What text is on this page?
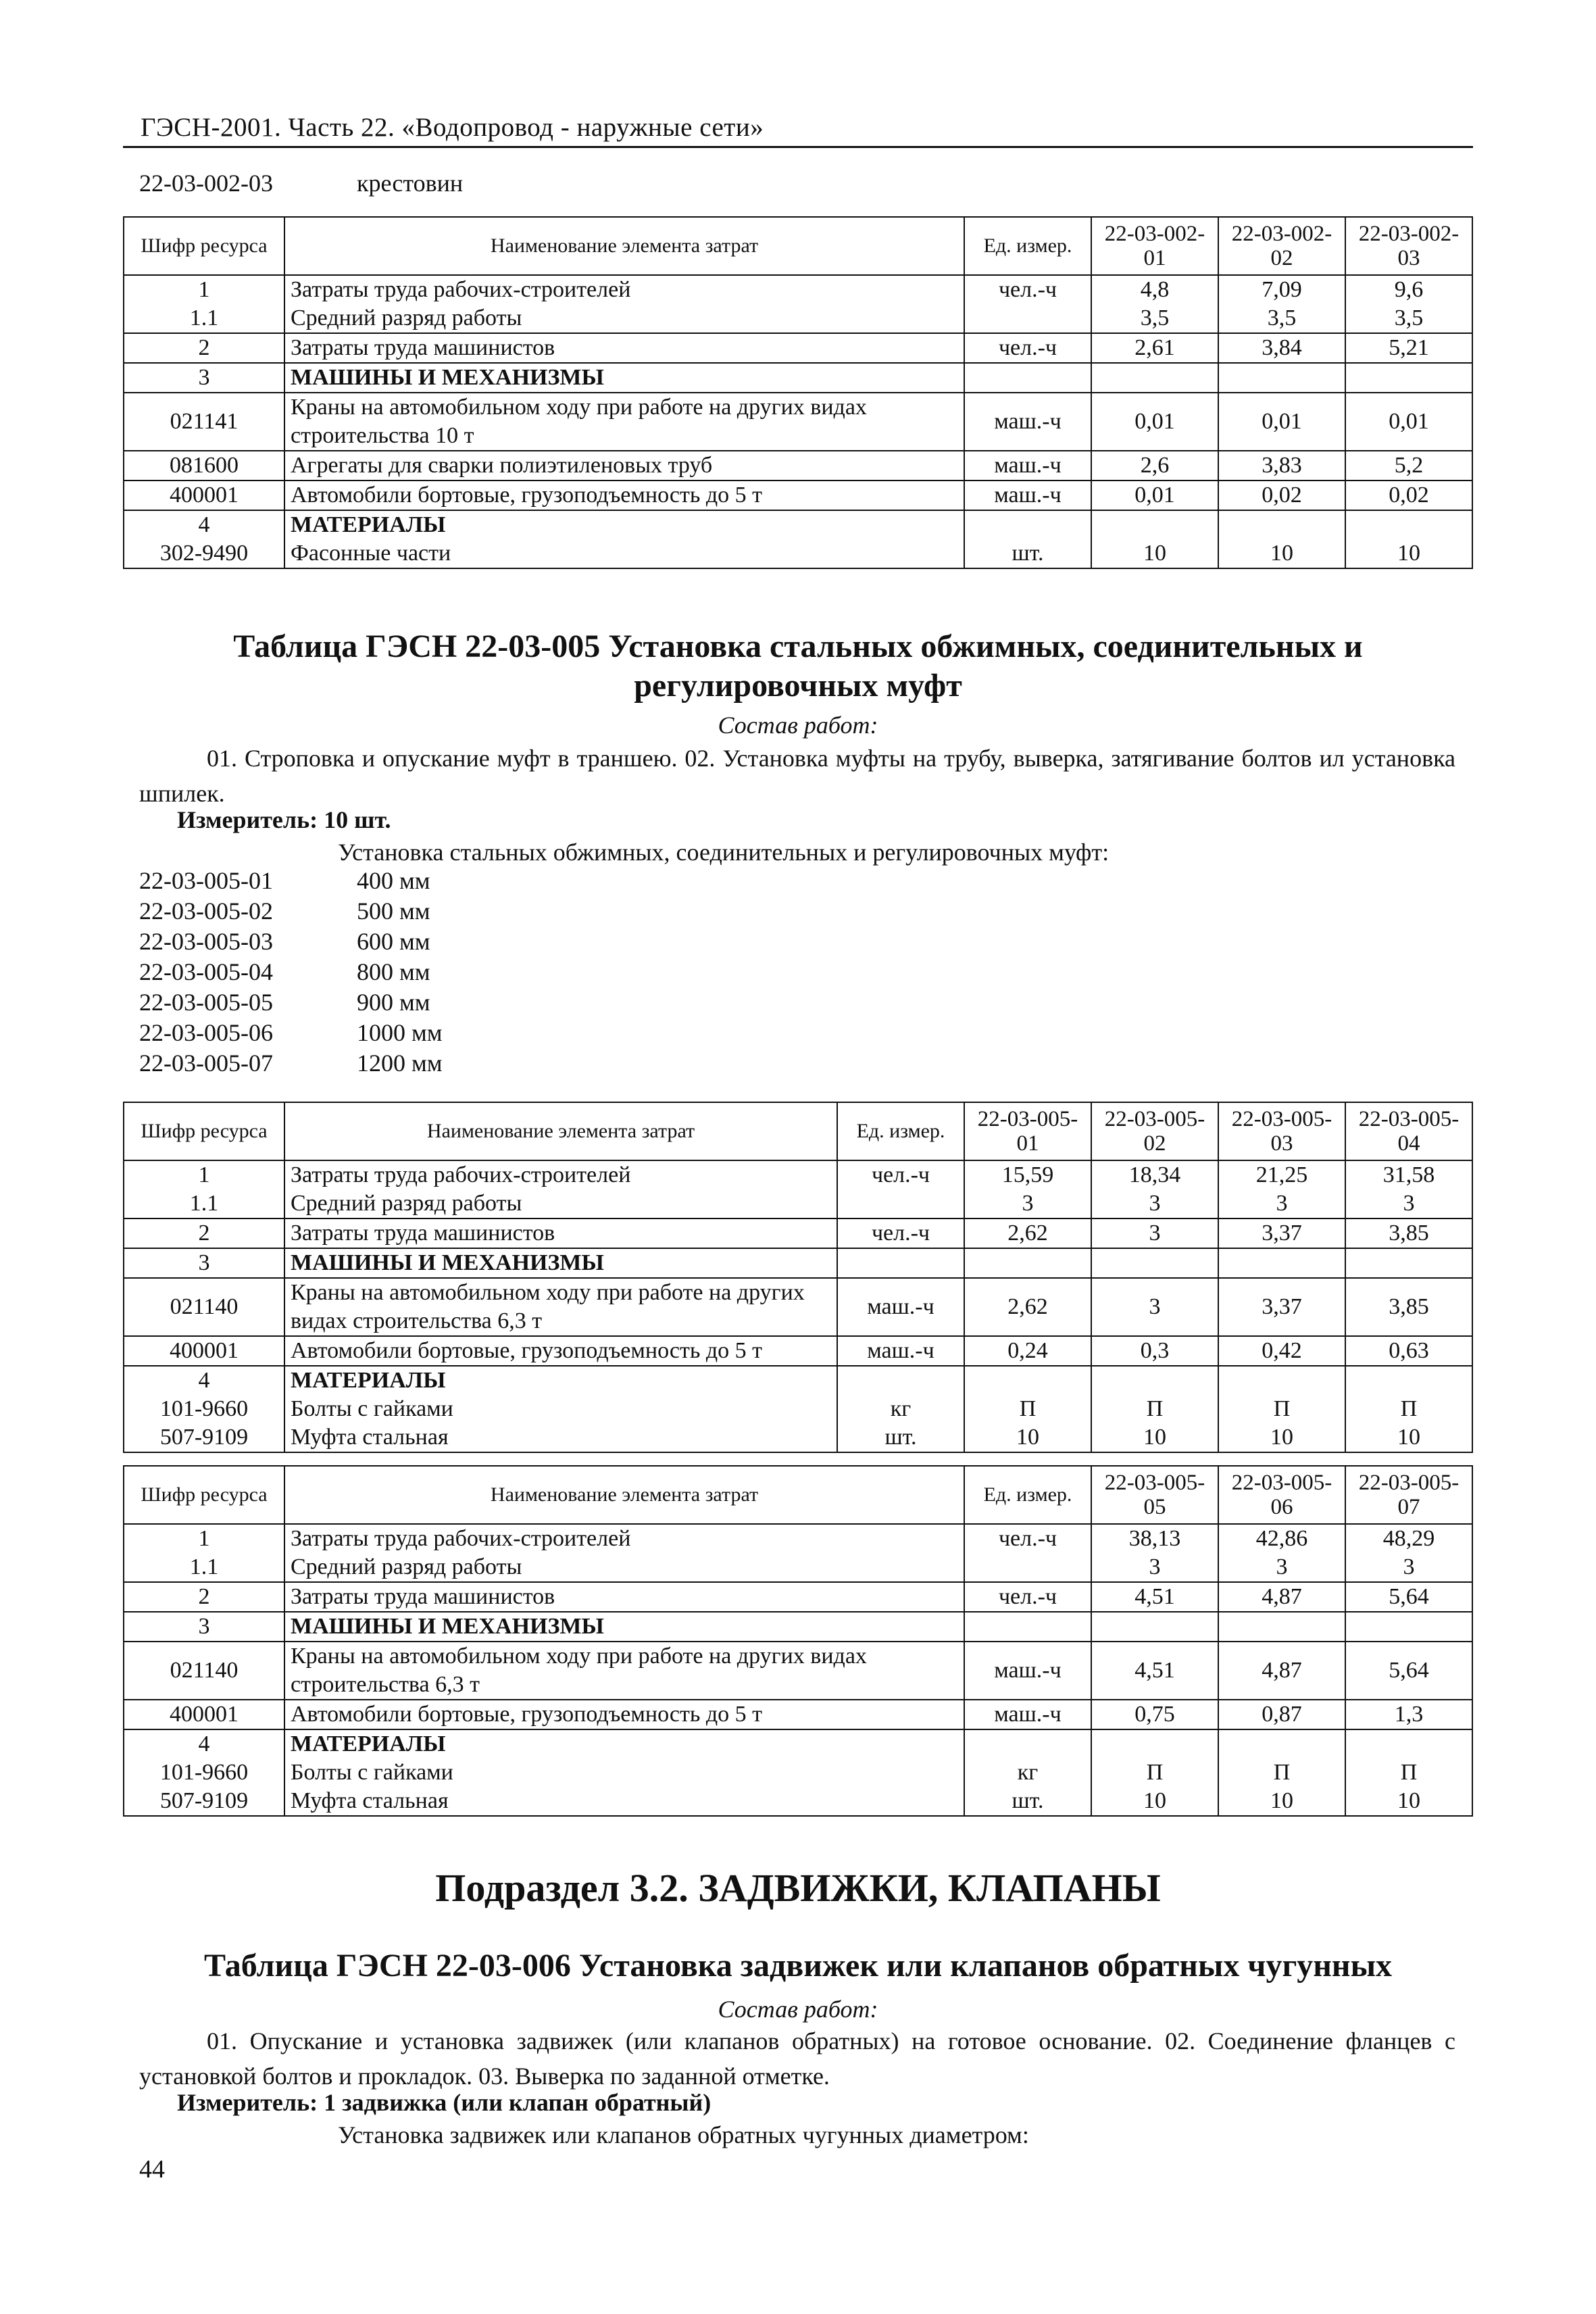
ГЭСН-2001. Часть 22. «Водопровод - наружные сети»
22-03-002-03	крестовин
Шифр ресурса	Наименование элемента затрат	Ед. измер.	22-03-002-01	22-03-002-02	22-03-002-03
1	Затраты труда рабочих-строителей	чел.-ч	4,8	7,09	9,6
1.1	Средний разряд работы		3,5	3,5	3,5
2	Затраты труда машинистов	чел.-ч	2,61	3,84	5,21
3	МАШИНЫ И МЕХАНИЗМЫ				
021141	Краны на автомобильном ходу при работе на других видах строительства 10 т	маш.-ч	0,01	0,01	0,01
081600	Агрегаты для сварки полиэтиленовых труб	маш.-ч	2,6	3,83	5,2
400001	Автомобили бортовые, грузоподъемность до 5 т	маш.-ч	0,01	0,02	0,02
4	МАТЕРИАЛЫ				
302-9490	Фасонные части	шт.	10	10	10
Таблица ГЭСН 22-03-005 Установка стальных обжимных, соединительных и регулировочных муфт
Состав работ:
01. Строповка и опускание муфт в траншею. 02. Установка муфты на трубу, выверка, затягивание болтов ил установка шпилек.
Измеритель: 10 шт.
Установка стальных обжимных, соединительных и регулировочных муфт:
22-03-005-01	400 мм
22-03-005-02	500 мм
22-03-005-03	600 мм
22-03-005-04	800 мм
22-03-005-05	900 мм
22-03-005-06	1000 мм
22-03-005-07	1200 мм
Шифр ресурса	Наименование элемента затрат	Ед. измер.	22-03-005-01	22-03-005-02	22-03-005-03	22-03-005-04
1	Затраты труда рабочих-строителей	чел.-ч	15,59	18,34	21,25	31,58
1.1	Средний разряд работы		3	3	3	3
2	Затраты труда машинистов	чел.-ч	2,62	3	3,37	3,85
3	МАШИНЫ И МЕХАНИЗМЫ					
021140	Краны на автомобильном ходу при работе на других видах строительства 6,3 т	маш.-ч	2,62	3	3,37	3,85
400001	Автомобили бортовые, грузоподъемность до 5 т	маш.-ч	0,24	0,3	0,42	0,63
4	МАТЕРИАЛЫ					
101-9660	Болты с гайками	кг	П	П	П	П
507-9109	Муфта стальная	шт.	10	10	10	10
Шифр ресурса	Наименование элемента затрат	Ед. измер.	22-03-005-05	22-03-005-06	22-03-005-07
1	Затраты труда рабочих-строителей	чел.-ч	38,13	42,86	48,29
1.1	Средний разряд работы		3	3	3
2	Затраты труда машинистов	чел.-ч	4,51	4,87	5,64
3	МАШИНЫ И МЕХАНИЗМЫ				
021140	Краны на автомобильном ходу при работе на других видах строительства 6,3 т	маш.-ч	4,51	4,87	5,64
400001	Автомобили бортовые, грузоподъемность до 5 т	маш.-ч	0,75	0,87	1,3
4	МАТЕРИАЛЫ				
101-9660	Болты с гайками	кг	П	П	П
507-9109	Муфта стальная	шт.	10	10	10
Подраздел 3.2. ЗАДВИЖКИ, КЛАПАНЫ
Таблица ГЭСН 22-03-006 Установка задвижек или клапанов обратных чугунных
Состав работ:
01. Опускание и установка задвижек (или клапанов обратных) на готовое основание. 02. Соединение фланцев с установкой болтов и прокладок. 03. Выверка по заданной отметке.
Измеритель: 1 задвижка (или клапан обратный)
Установка задвижек или клапанов обратных чугунных диаметром:
44
